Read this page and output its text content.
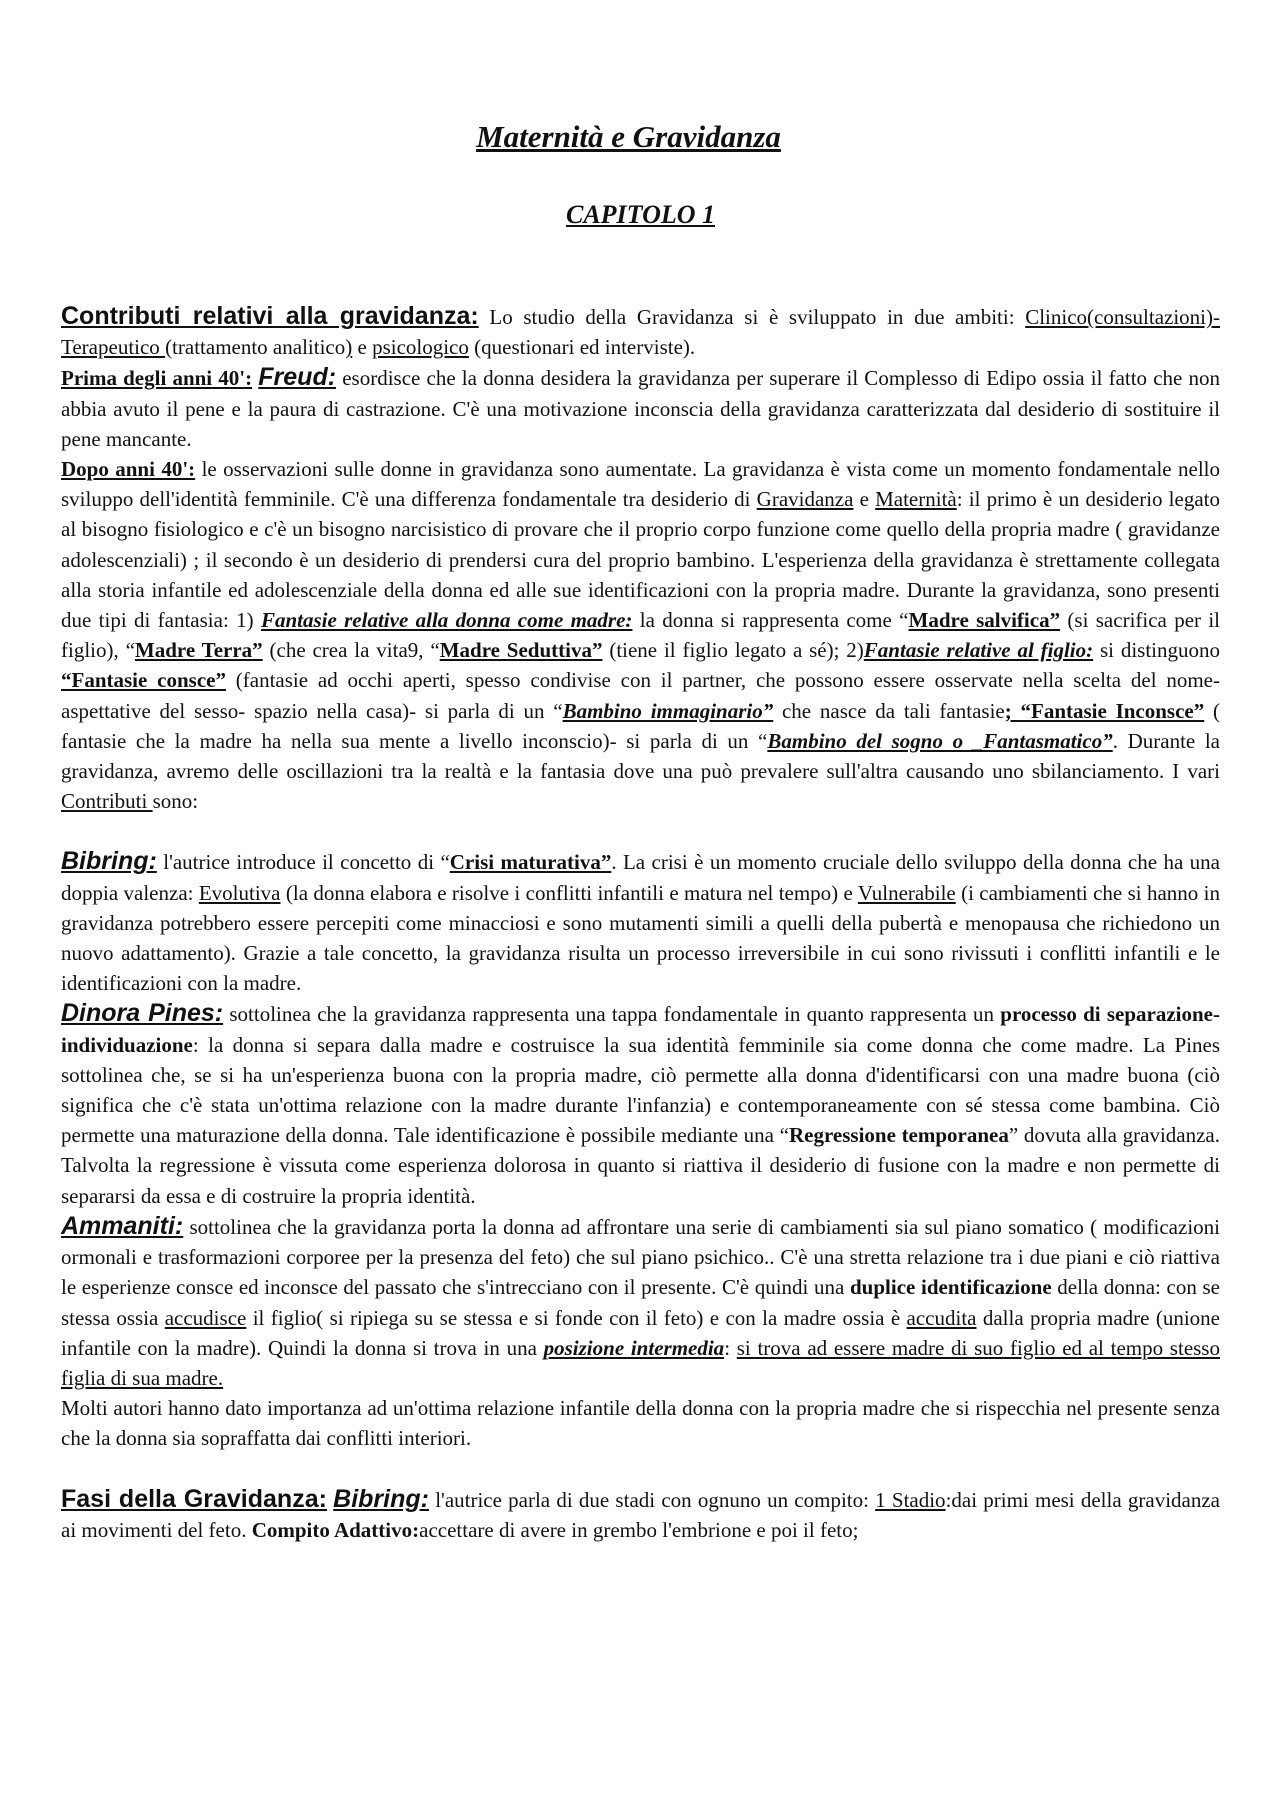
Maternità e Gravidanza
CAPITOLO 1

Contributi relativi alla gravidanza: Lo studio della Gravidanza si è sviluppato in due ambiti: Clinico(consultazioni)- Terapeutico (trattamento analitico) e psicologico (questionari ed interviste).

Prima degli anni 40': Freud: esordisce che la donna desidera la gravidanza per superare il Complesso di Edipo ossia il fatto che non abbia avuto il pene e la paura di castrazione. C'è una motivazione inconscia della gravidanza caratterizzata dal desiderio di sostituire il pene mancante.

Dopo anni 40': le osservazioni sulle donne in gravidanza sono aumentate. La gravidanza è vista come un momento fondamentale nello sviluppo dell'identità femminile. C'è una differenza fondamentale tra desiderio di Gravidanza e Maternità: il primo è un desiderio legato al bisogno fisiologico e c'è un bisogno narcisistico di provare che il proprio corpo funzione come quello della propria madre ( gravidanze adolescenziali) ; il secondo è un desiderio di prendersi cura del proprio bambino. L'esperienza della gravidanza è strettamente collegata alla storia infantile ed adolescenziale della donna ed alle sue identificazioni con la propria madre. Durante la gravidanza, sono presenti due tipi di fantasia: 1) Fantasie relative alla donna come madre: la donna si rappresenta come “Madre salvifica” (si sacrifica per il figlio), “Madre Terra” (che crea la vita9, “Madre Seduttiva” (tiene il figlio legato a sé); 2)Fantasie relative al figlio: si distinguono “Fantasie consce” (fantasie ad occhi aperti, spesso condivise con il partner, che possono essere osservate nella scelta del nome- aspettative del sesso- spazio nella casa)- si parla di un “Bambino immaginario” che nasce da tali fantasie; “Fantasie Inconsce” ( fantasie che la madre ha nella sua mente a livello inconscio)- si parla di un “Bambino del sogno o _Fantasmatico”. Durante la gravidanza, avremo delle oscillazioni tra la realtà e la fantasia dove una può prevalere sull'altra causando uno sbilanciamento. I vari Contributi sono:

Bibring: l'autrice introduce il concetto di “Crisi maturativa”. La crisi è un momento cruciale dello sviluppo della donna che ha una doppia valenza: Evolutiva (la donna elabora e risolve i conflitti infantili e matura nel tempo) e Vulnerabile (i cambiamenti che si hanno in gravidanza potrebbero essere percepiti come minacciosi e sono mutamenti simili a quelli della pubertà e menopausa che richiedono un nuovo adattamento). Grazie a tale concetto, la gravidanza risulta un processo irreversibile in cui sono rivissuti i conflitti infantili e le identificazioni con la madre.

Dinora Pines: sottolinea che la gravidanza rappresenta una tappa fondamentale in quanto rappresenta un processo di separazione-individuazione: la donna si separa dalla madre e costruisce la sua identità femminile sia come donna che come madre. La Pines sottolinea che, se si ha un'esperienza buona con la propria madre, ciò permette alla donna d'identificarsi con una madre buona (ciò significa che c'è stata un'ottima relazione con la madre durante l'infanzia) e contemporaneamente con sé stessa come bambina. Ciò permette una maturazione della donna. Tale identificazione è possibile mediante una “Regressione temporanea” dovuta alla gravidanza. Talvolta la regressione è vissuta come esperienza dolorosa in quanto si riattiva il desiderio di fusione con la madre e non permette di separarsi da essa e di costruire la propria identità.

Ammaniti: sottolinea che la gravidanza porta la donna ad affrontare una serie di cambiamenti sia sul piano somatico ( modificazioni ormonali e trasformazioni corporee per la presenza del feto) che sul piano psichico.. C'è una stretta relazione tra i due piani e ciò riattiva le esperienze consce ed inconsce del passato che s'intrecciano con il presente. C'è quindi una duplice identificazione della donna: con se stessa ossia accudisce il figlio( si ripiega su se stessa e si fonde con il feto) e con la madre ossia è accudita dalla propria madre (unione infantile con la madre). Quindi la donna si trova in una posizione intermedia: si trova ad essere madre di suo figlio ed al tempo stesso figlia di sua madre.

Molti autori hanno dato importanza ad un'ottima relazione infantile della donna con la propria madre che si rispecchia nel presente senza che la donna sia sopraffatta dai conflitti interiori.

Fasi della Gravidanza: Bibring: l'autrice parla di due stadi con ognuno un compito: 1 Stadio:dai primi mesi della gravidanza ai movimenti del feto. Compito Adattivo:accettare di avere in grembo l'embrione e poi il feto;
